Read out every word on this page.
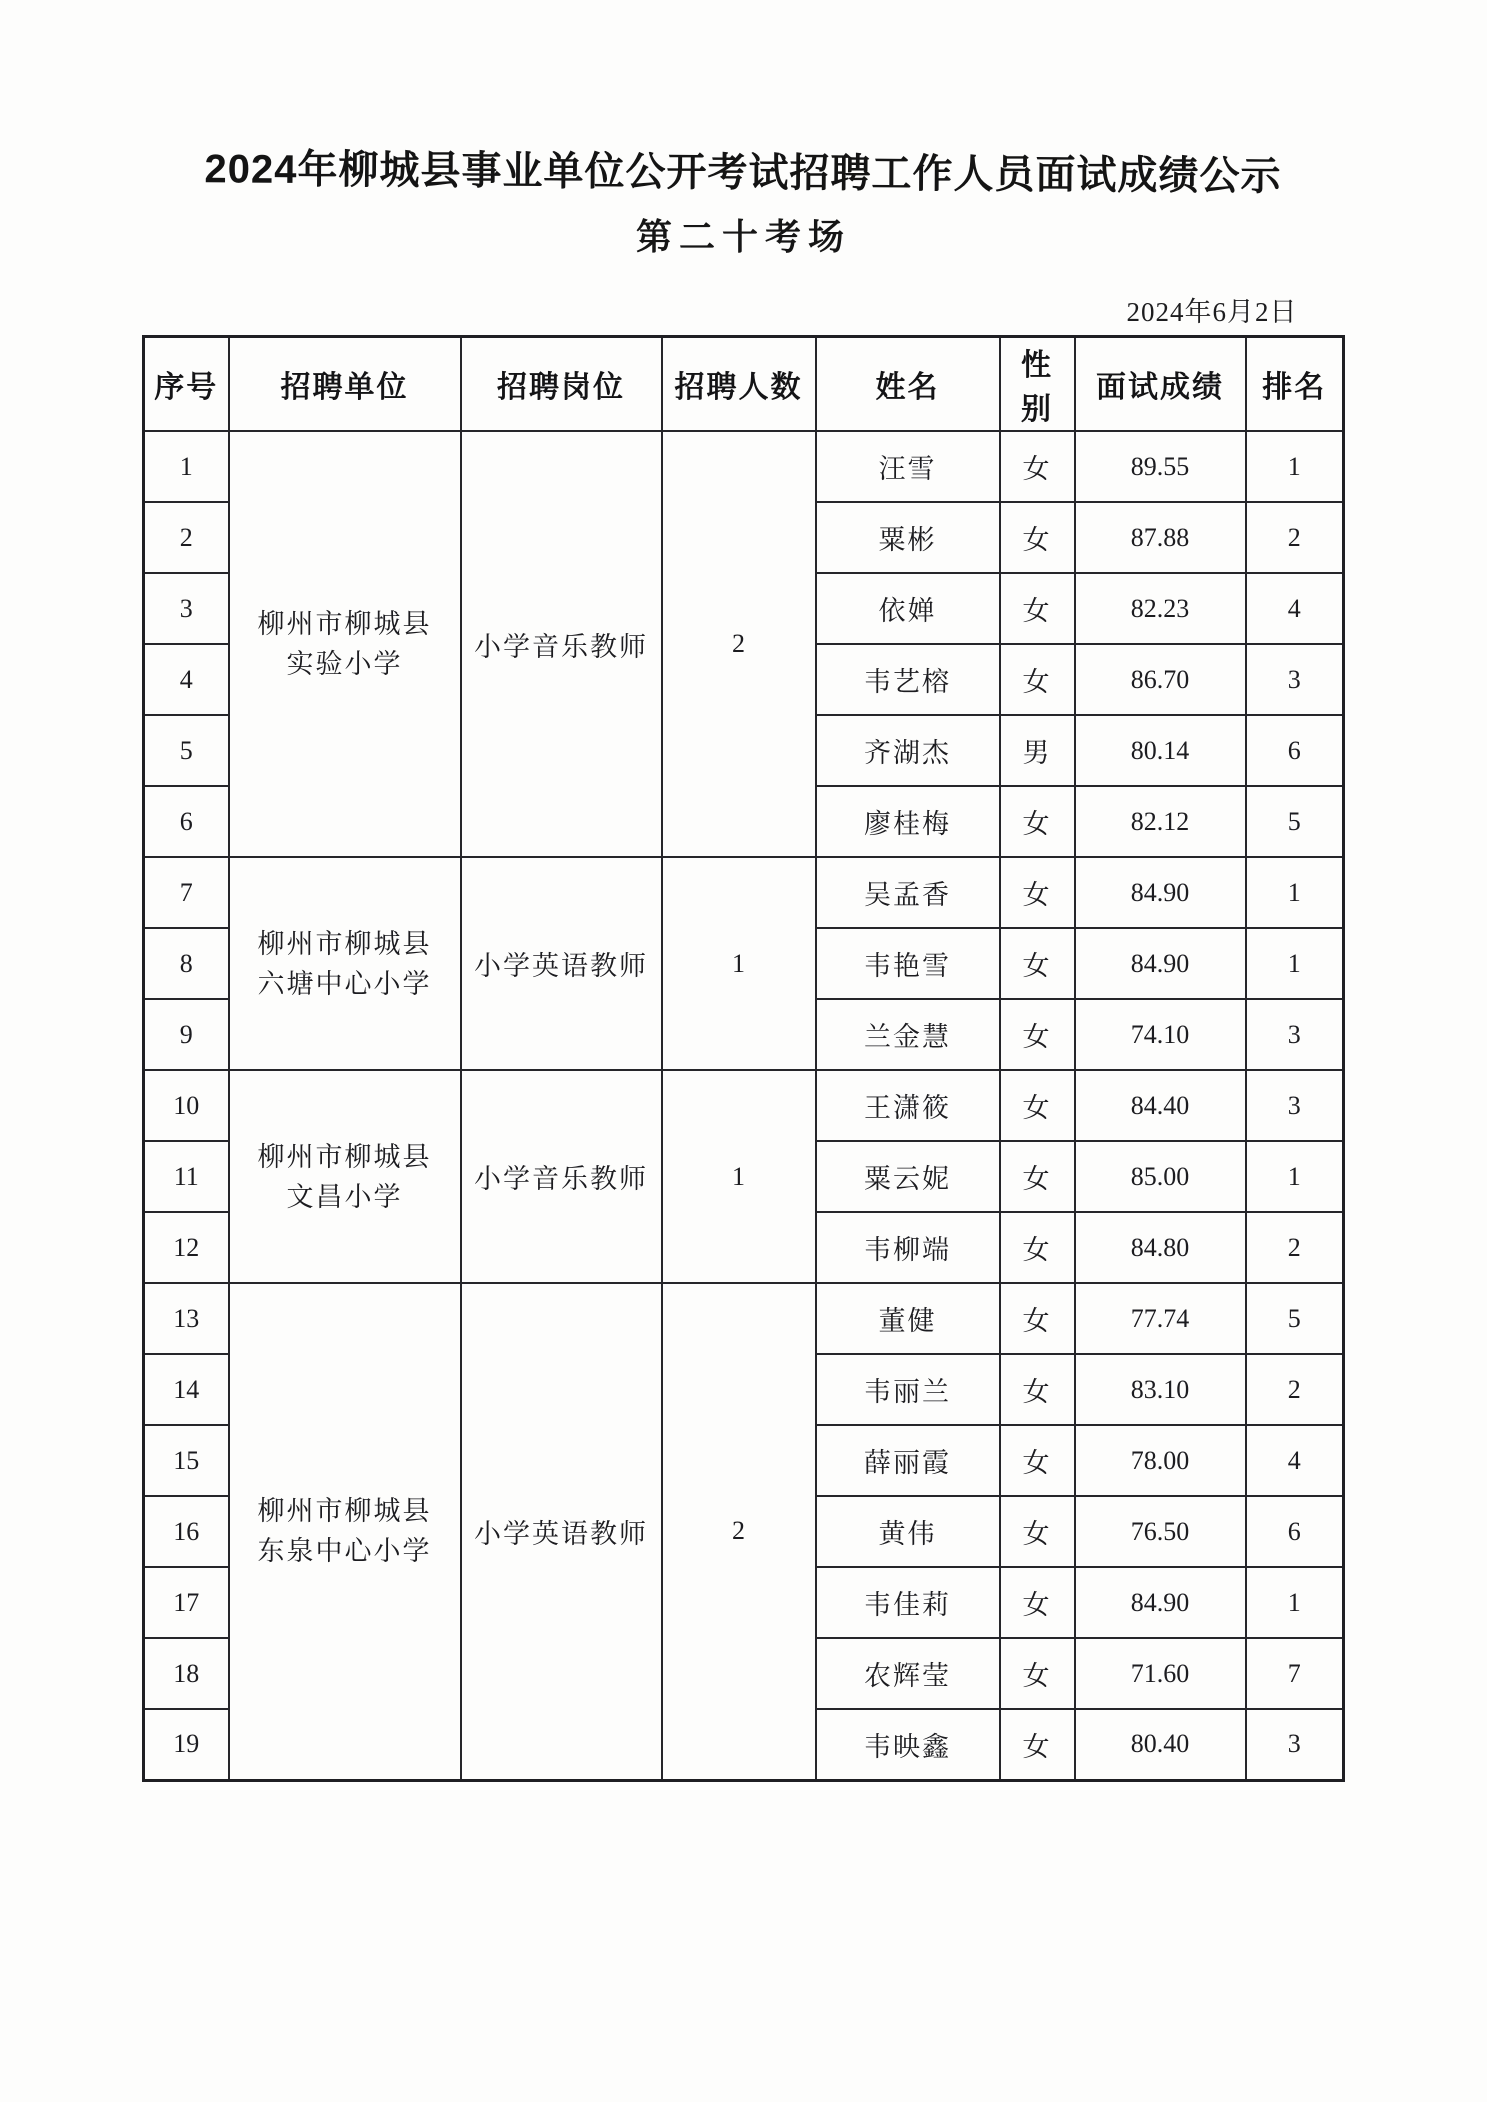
2024年柳城县事业单位公开考试招聘工作人员面试成绩公示
第二十考场
2024年6月2日
序号	招聘单位	招聘岗位	招聘人数	姓名	性别	面试成绩	排名
1	柳州市柳城县实验小学	小学音乐教师	2	汪雪	女	89.55	1
2				粟彬	女	87.88	2
3				依婵	女	82.23	4
4				韦艺榕	女	86.70	3
5				齐湖杰	男	80.14	6
6				廖桂梅	女	82.12	5
7	柳州市柳城县六塘中心小学	小学英语教师	1	吴孟香	女	84.90	1
8				韦艳雪	女	84.90	1
9				兰金慧	女	74.10	3
10	柳州市柳城县文昌小学	小学音乐教师	1	王潇筱	女	84.40	3
11				粟云妮	女	85.00	1
12				韦柳端	女	84.80	2
13	柳州市柳城县东泉中心小学	小学英语教师	2	董健	女	77.74	5
14				韦丽兰	女	83.10	2
15				薛丽霞	女	78.00	4
16				黄伟	女	76.50	6
17				韦佳莉	女	84.90	1
18				农辉莹	女	71.60	7
19				韦映鑫	女	80.40	3
